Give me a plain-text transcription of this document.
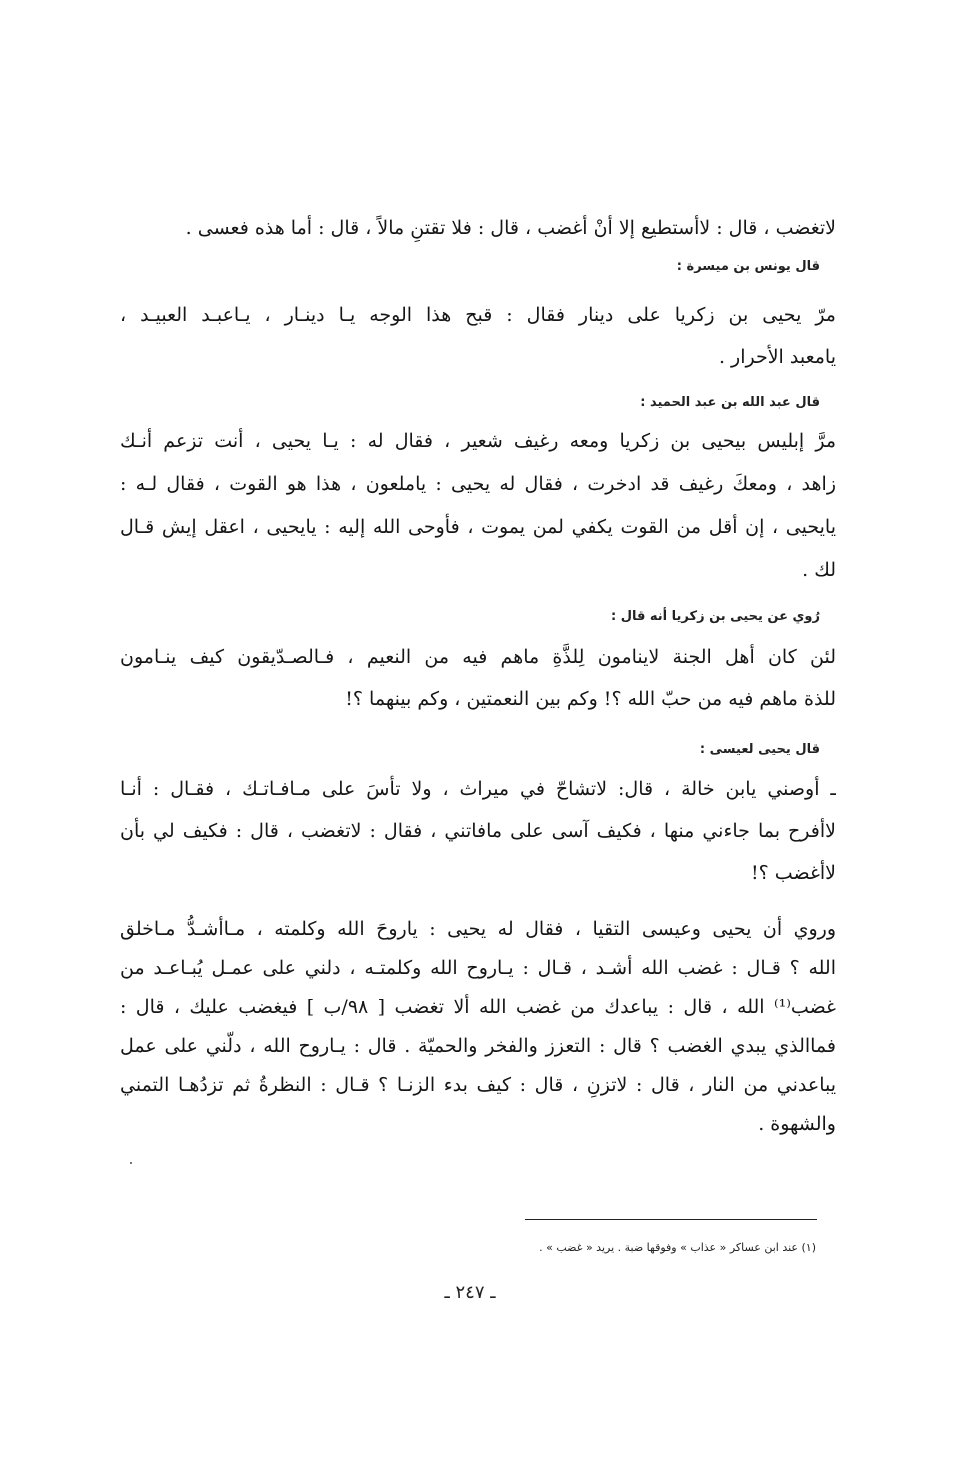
لاتغضب ، قال : لاأستطيع إلا أنْ أغضب ، قال : فلا تقتنِ مالاً ، قال : أما هذه فعسى .
قال يونس بن ميسرة :
مرّ يحيى بن زكريا على دينار فقال : قبح هذا الوجه يـا دينـار ، يـاعبـد العبيـد ،
يامعبد الأحرار .
قال عبد الله بن عبد الحميد :
مرَّ إبليس بيحيى بن زكريا ومعه رغيف شعير ، فقال له : يـا يحيى ، أنت تزعم أنـك
زاهد ، ومعكَ رغيف قد ادخرت ، فقال له يحيى : ياملعون ، هذا هو القوت ، فقال لـه :
يايحيى ، إن أقل من القوت يكفي لمن يموت ، فأوحى الله إليه : يايحيى ، اعقل إيش قـال
لك .
رُوي عن يحيى بن زكريا أنه قال :
لئن كان أهل الجنة لاينامون لِلذَّةِ ماهم فيه من النعيم ، فـالصـدّيقون كيف ينـامون
للذة ماهم فيه من حبّ الله ؟! وكم بين النعمتين ، وكم بينهما ؟!
قال يحيى لعيسى :
ـ أوصني يابن خالة ، قال: لاتشاحّ في ميراث ، ولا تأسَ على مـافـاتـك ، فقـال : أنـا
لاأفرح بما جاءني منها ، فكيف آسى على مافاتني ، فقال : لاتغضب ، قال : فكيف لي بأن
لاأغضب ؟!
وروي أن يحيى وعيسى التقيا ، فقال له يحيى : ياروحَ الله وكلمته ، مـاأشـدُّ مـاخلق
الله ؟ قـال : غضب الله أشـد ، قـال : يـاروح الله وكلمتـه ، دلني على عمـل يُبـاعـد من
غضب⁽¹⁾ الله ، قال : يباعدك من غضب الله ألا تغضب [ ٩٨/ب ] فيغضب عليك ، قال :
فماالذي يبدي الغضب ؟ قال : التعزز والفخر والحميّة . قال : يـاروح الله ، دلّني على عمل
يباعدني من النار ، قال : لاتزنِ ، قال : كيف بدء الزنـا ؟ قـال : النظرةُ ثم تزدُهـا التمني
والشهوة .
(١) عند ابن عساكر « عذاب » وفوقها ضبة . يريد « غضب » .
ـ ٢٤٧ ـ
